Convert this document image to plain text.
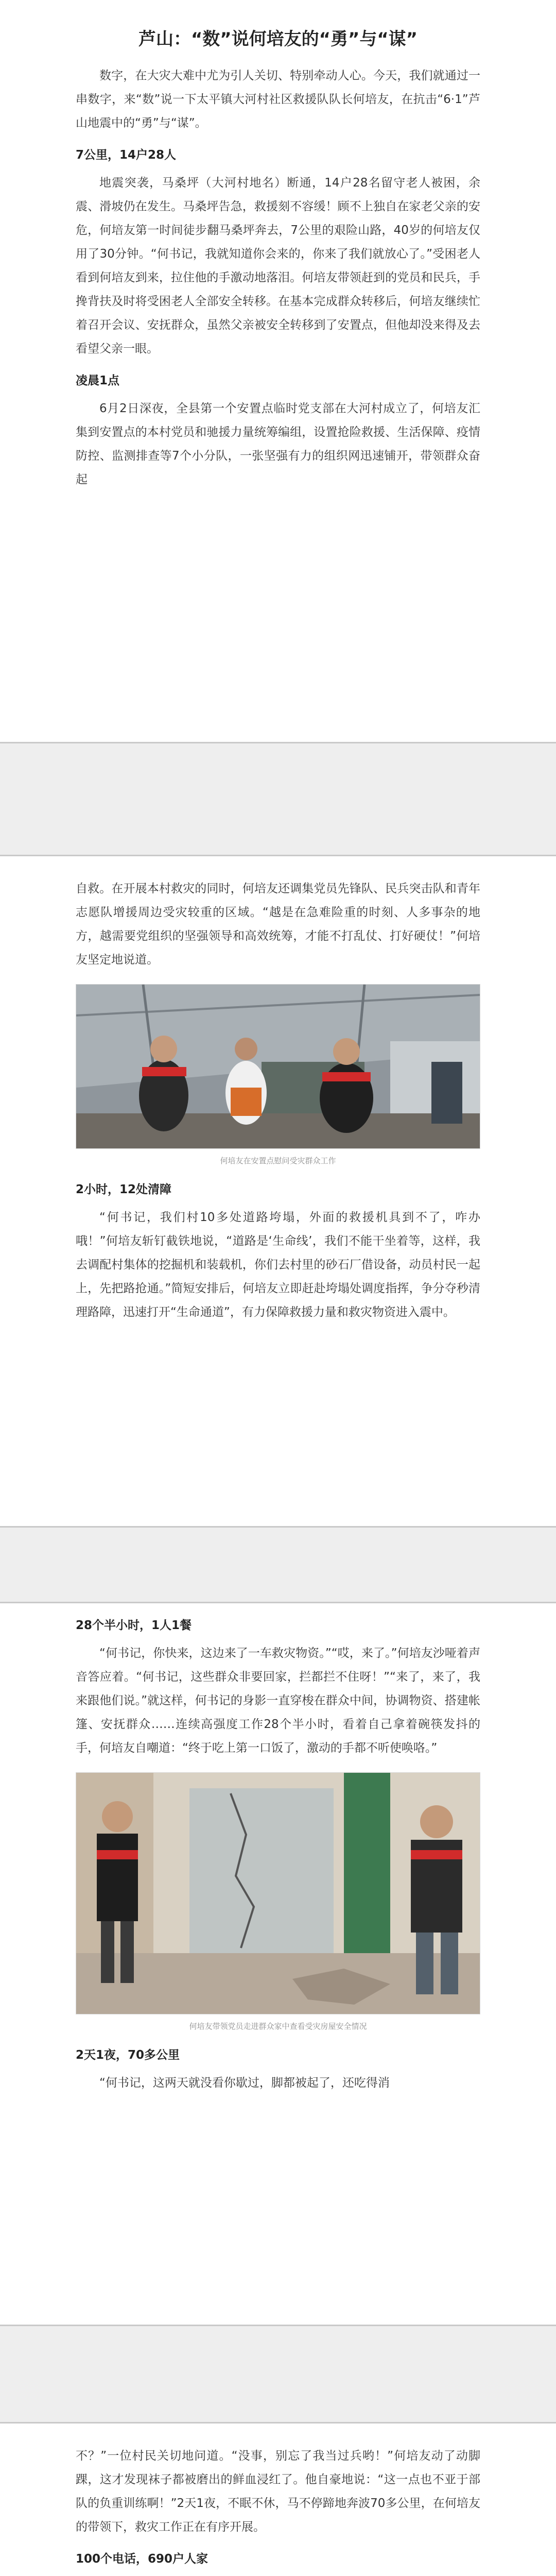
芦山：“数”说何培友的“勇”与“谋”

数字，在大灾大难中尤为引人关切、特别牵动人心。今天，我们就通过一串数字，来“数”说一下太平镇大河村社区救援队队长何培友，在抗击“6·1”芦山地震中的“勇”与“谋”。

7公里，14户28人

地震突袭，马桑坪（大河村地名）断通，14户28名留守老人被困，余震、滑坡仍在发生。马桑坪告急，救援刻不容缓！顾不上独自在家老父亲的安危，何培友第一时间徒步翻马桑坪奔去，7公里的艰险山路，40岁的何培友仅用了30分钟。“何书记，我就知道你会来的，你来了我们就放心了。”受困老人看到何培友到来，拉住他的手激动地落泪。何培友带领赶到的党员和民兵，手搀背扶及时将受困老人全部安全转移。在基本完成群众转移后，何培友继续忙着召开会议、安抚群众，虽然父亲被安全转移到了安置点，但他却没来得及去看望父亲一眼。

凌晨1点

6月2日深夜，全县第一个安置点临时党支部在大河村成立了，何培友汇集到安置点的本村党员和驰援力量统筹编组，设置抢险救援、生活保障、疫情防控、监测排查等7个小分队，一张坚强有力的组织网迅速铺开，带领群众奋起

自救。在开展本村救灾的同时，何培友还调集党员先锋队、民兵突击队和青年志愿队增援周边受灾较重的区域。“越是在急难险重的时刻、人多事杂的地方，越需要党组织的坚强领导和高效统筹，才能不打乱仗、打好硬仗！”何培友坚定地说道。

何培友在安置点慰问受灾群众工作
2小时，12处清障

“何书记，我们村10多处道路垮塌，外面的救援机具到不了，咋办哦！”何培友斩钉截铁地说，“道路是‘生命线’，我们不能干坐着等，这样，我去调配村集体的挖掘机和装载机，你们去村里的砂石厂借设备，动员村民一起上，先把路抢通。”简短安排后，何培友立即赶赴垮塌处调度指挥，争分夺秒清理路障，迅速打开“生命通道”，有力保障救援力量和救灾物资进入震中。

28个半小时，1人1餐

“何书记，你快来，这边来了一车救灾物资。”“哎，来了。”何培友沙哑着声音答应着。“何书记，这些群众非要回家，拦都拦不住呀！”“来了，来了，我来跟他们说。”就这样，何书记的身影一直穿梭在群众中间，协调物资、搭建帐篷、安抚群众……连续高强度工作28个半小时，看着自己拿着碗筷发抖的手，何培友自嘲道：“终于吃上第一口饭了，激动的手都不听使唤咯。”

何培友带领党员走进群众家中查看受灾房屋安全情况
2天1夜，70多公里

“何书记，这两天就没看你歇过，脚都被起了，还吃得消

不？”一位村民关切地问道。“没事，别忘了我当过兵哟！”何培友动了动脚踝，这才发现袜子都被磨出的鲜血浸红了。他自豪地说：“这一点也不亚于部队的负重训练啊！”2天1夜，不眠不休，马不停蹄地奔波70多公里，在何培友的带领下，救灾工作正在有序开展。

100个电话，690户人家
